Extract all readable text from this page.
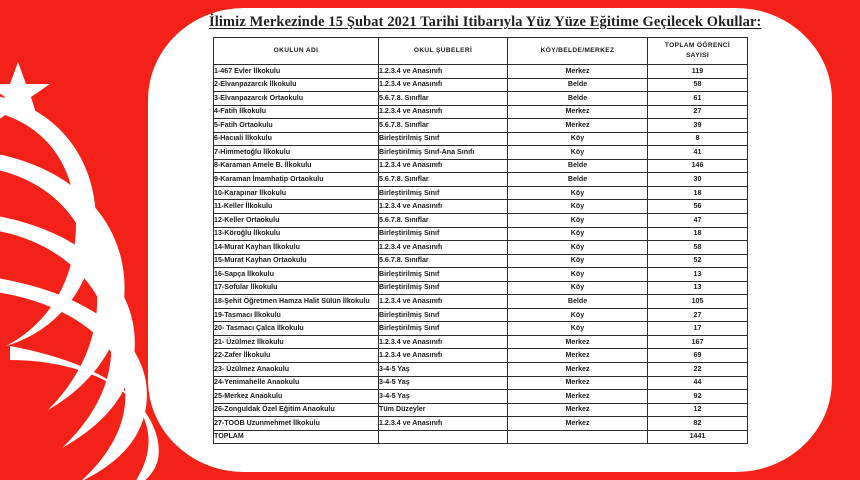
İlimiz Merkezinde 15 Şubat 2021 Tarihi Itibarıyla Yüz Yüze Eğitime Geçilecek Okullar:
OKULUN ADI	OKUL ŞUBELERİ	KÖY/BELDE/MERKEZ	TOPLAM ÖĞRENCİ
SAYISI
1-467 Evler İlkokulu	1.2.3.4 ve Anasınıfı	Merkez	119
2-Elvanpazarcık İlkokulu	1.2.3.4 ve Anasınıfı	Belde	58
3-Elvanpazarcık Ortaokulu	5.6.7.8. Sınıflar	Belde	61
4-Fatih İlkokulu	1.2.3.4 ve Anasınıfı	Merkez	27
5-Fatih Ortaokulu	5.6.7.8. Sınıflar	Merkez	39
6-Hacıali İlkokulu	Birleştirilmiş Sınıf	Köy	8
7-Himmetoğlu İlkokulu	Birleştirilmiş Sınıf-Ana Sınıfı	Köy	41
8-Karaman Amele B. İlkokulu	1.2.3.4 ve Anasınıfı	Belde	146
9-Karaman İmamhatip Ortaokulu	5.6.7.8. Sınıflar	Belde	30
10-Karapınar İlkokulu	Birleştirilmiş Sınıf	Köy	18
11-Keller İlkokulu	1.2.3.4 ve Anasınıfı	Köy	56
12-Keller Ortaokulu	5.6.7.8. Sınıflar	Köy	47
13-Köroğlu İlkokulu	Birleştirilmiş Sınıf	Köy	18
14-Murat Kayhan İlkokulu	1.2.3.4 ve Anasınıfı	Köy	58
15-Murat Kayhan Ortaokulu	5.6.7.8. Sınıflar	Köy	52
16-Sapça İlkokulu	Birleştirilmiş Sınıf	Köy	13
17-Sofular İlkokulu	Birleştirilmiş Sınıf	Köy	13
18-Şehit Öğretmen Hamza Halit Sülün İlkokulu	1.2.3.4 ve Anasınıfı	Belde	105
19-Tasmacı İlkokulu	Birleştirilmiş Sınıf	Köy	27
20- Tasmacı Çalca İlkokulu	Birleştirilmiş Sınıf	Köy	17
21- Üzülmez İlkokulu	1.2.3.4 ve Anasınıfı	Merkez	167
22-Zafer İlkokulu	1.2.3.4 ve Anasınıfı	Merkez	69
23- Üzülmez Anaokulu	3-4-5 Yaş	Merkez	22
24-Yenimahelle Anaokulu	3-4-5 Yaş	Merkez	44
25-Merkez Anaokulu	3-4-5 Yaş	Merkez	92
26-Zonguldak Özel Eğitim Anaokulu	Tüm Düzeyler	Merkez	12
27-TOOB Uzunmehmet İlkokulu	1.2.3.4 ve Anasınıfı	Merkez	82
TOPLAM			1441
